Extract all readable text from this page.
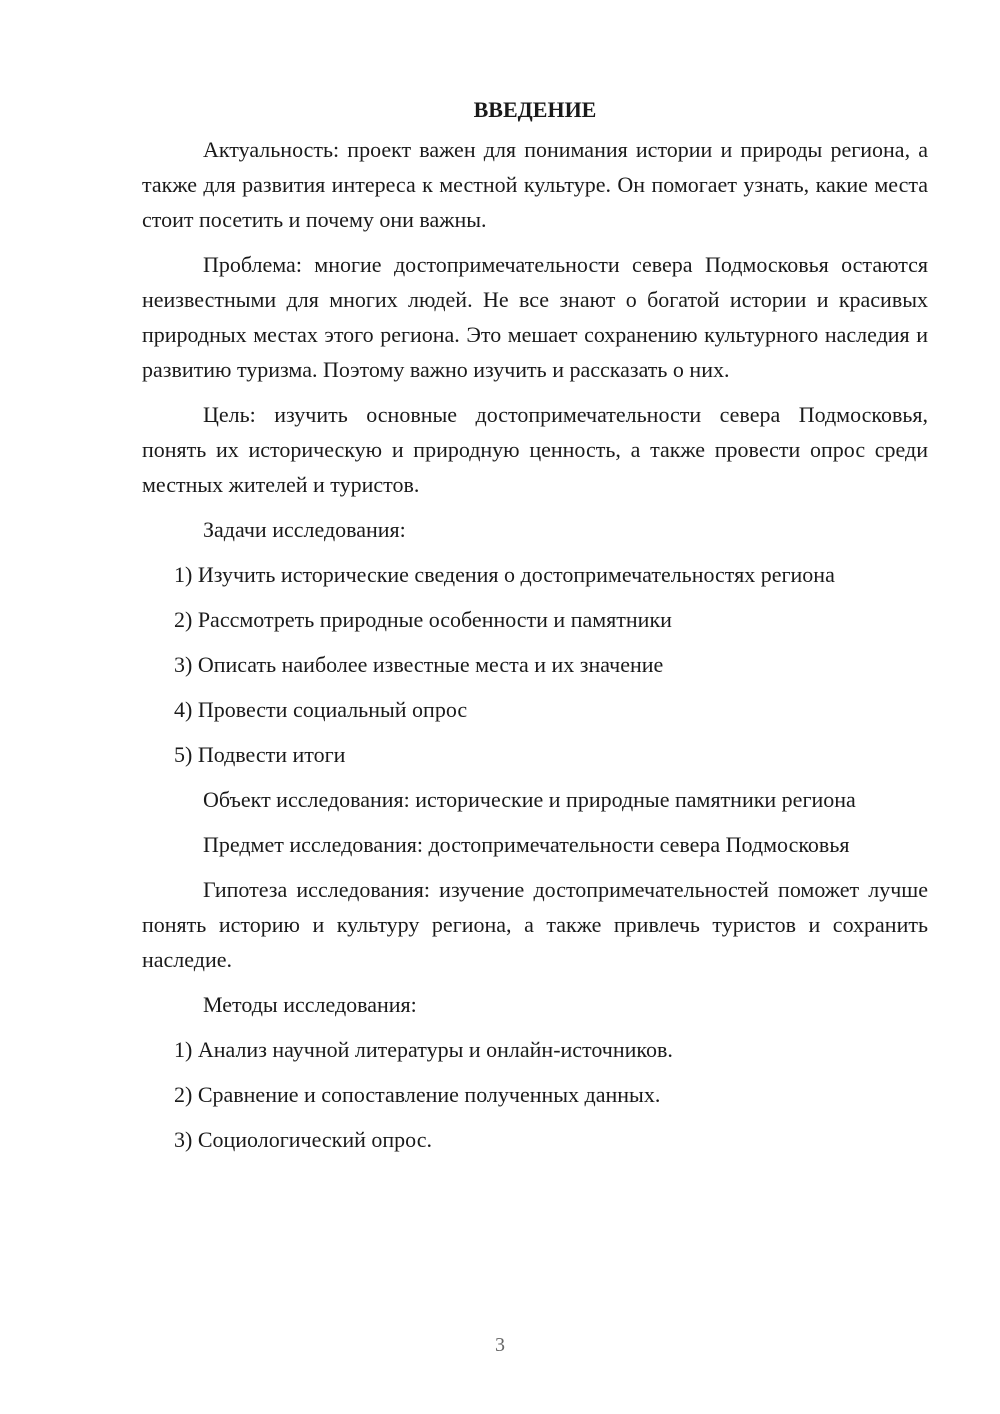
ВВЕДЕНИЕ

Актуальность: проект важен для понимания истории и природы региона, а также для развития интереса к местной культуре. Он помогает узнать, какие места стоит посетить и почему они важны.

Проблема: многие достопримечательности севера Подмосковья остаются неизвестными для многих людей. Не все знают о богатой истории и красивых природных местах этого региона. Это мешает сохранению культурного наследия и развитию туризма. Поэтому важно изучить и рассказать о них.

Цель: изучить основные достопримечательности севера Подмосковья, понять их историческую и природную ценность, а также провести опрос среди местных жителей и туристов.

Задачи исследования:

1) Изучить исторические сведения о достопримечательностях региона
2) Рассмотреть природные особенности и памятники
3) Описать наиболее известные места и их значение
4) Провести социальный опрос
5) Подвести итоги

Объект исследования: исторические и природные памятники региона

Предмет исследования: достопримечательности севера Подмосковья

Гипотеза исследования: изучение достопримечательностей поможет лучше понять историю и культуру региона, а также привлечь туристов и сохранить наследие.

Методы исследования:

1) Анализ научной литературы и онлайн-источников.
2) Сравнение и сопоставление полученных данных.
3) Социологический опрос.
3
